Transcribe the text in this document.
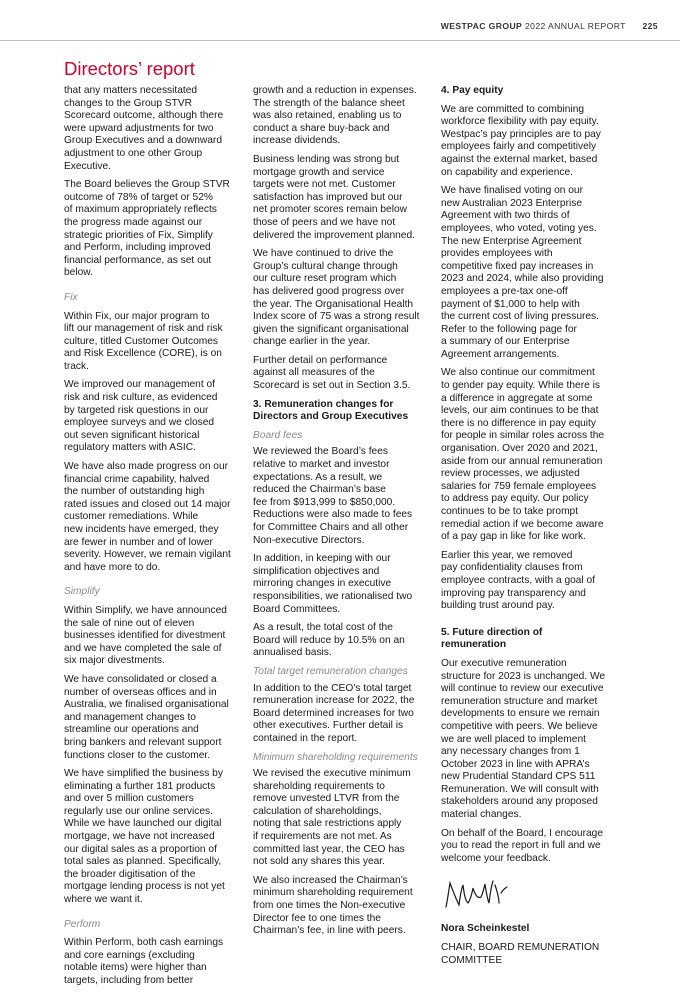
WESTPAC GROUP 2022 ANNUAL REPORT 225
Directors’ report

that any matters necessitated
changes to the Group STVR
Scorecard outcome, although there
were upward adjustments for two
Group Executives and a downward
adjustment to one other Group
Executive.

The Board believes the Group STVR
outcome of 78% of target or 52%
of maximum appropriately reflects
the progress made against our
strategic priorities of Fix, Simplify
and Perform, including improved
financial performance, as set out
below.

Fix

Within Fix, our major program to
lift our management of risk and risk
culture, titled Customer Outcomes
and Risk Excellence (CORE), is on
track.

We improved our management of
risk and risk culture, as evidenced
by targeted risk questions in our
employee surveys and we closed
out seven significant historical
regulatory matters with ASIC.

We have also made progress on our
financial crime capability, halved
the number of outstanding high
rated issues and closed out 14 major
customer remediations. While
new incidents have emerged, they
are fewer in number and of lower
severity. However, we remain vigilant
and have more to do.

Simplify

Within Simplify, we have announced
the sale of nine out of eleven
businesses identified for divestment
and we have completed the sale of
six major divestments.

We have consolidated or closed a
number of overseas offices and in
Australia, we finalised organisational
and management changes to
streamline our operations and
bring bankers and relevant support
functions closer to the customer.

We have simplified the business by
eliminating a further 181 products
and over 5 million customers
regularly use our online services.
While we have launched our digital
mortgage, we have not increased
our digital sales as a proportion of
total sales as planned. Specifically,
the broader digitisation of the
mortgage lending process is not yet
where we want it.

Perform

Within Perform, both cash earnings
and core earnings (excluding
notable items) were higher than
targets, including from better

growth and a reduction in expenses.
The strength of the balance sheet
was also retained, enabling us to
conduct a share buy-back and
increase dividends.

Business lending was strong but
mortgage growth and service
targets were not met. Customer
satisfaction has improved but our
net promoter scores remain below
those of peers and we have not
delivered the improvement planned.

We have continued to drive the
Group’s cultural change through
our culture reset program which
has delivered good progress over
the year. The Organisational Health
Index score of 75 was a strong result
given the significant organisational
change earlier in the year.

Further detail on performance
against all measures of the
Scorecard is set out in Section 3.5.

3. Remuneration changes for
Directors and Group Executives
Board fees

We reviewed the Board’s fees
relative to market and investor
expectations. As a result, we
reduced the Chairman’s base
fee from $913,999 to $850,000.
Reductions were also made to fees
for Committee Chairs and all other
Non-executive Directors.

In addition, in keeping with our
simplification objectives and
mirroring changes in executive
responsibilities, we rationalised two
Board Committees.

As a result, the total cost of the
Board will reduce by 10.5% on an
annualised basis.

Total target remuneration changes

In addition to the CEO’s total target
remuneration increase for 2022, the
Board determined increases for two
other executives. Further detail is
contained in the report.

Minimum shareholding requirements

We revised the executive minimum
shareholding requirements to
remove unvested LTVR from the
calculation of shareholdings,
noting that sale restrictions apply
if requirements are not met. As
committed last year, the CEO has
not sold any shares this year.

We also increased the Chairman’s
minimum shareholding requirement
from one times the Non-executive
Director fee to one times the
Chairman’s fee, in line with peers.

4. Pay equity

We are committed to combining
workforce flexibility with pay equity.
Westpac’s pay principles are to pay
employees fairly and competitively
against the external market, based
on capability and experience.

We have finalised voting on our
new Australian 2023 Enterprise
Agreement with two thirds of
employees, who voted, voting yes.
The new Enterprise Agreement
provides employees with
competitive fixed pay increases in
2023 and 2024, while also providing
employees a pre-tax one-off
payment of $1,000 to help with
the current cost of living pressures.
Refer to the following page for
a summary of our Enterprise
Agreement arrangements.

We also continue our commitment
to gender pay equity. While there is
a difference in aggregate at some
levels, our aim continues to be that
there is no difference in pay equity
for people in similar roles across the
organisation. Over 2020 and 2021,
aside from our annual remuneration
review processes, we adjusted
salaries for 759 female employees
to address pay equity. Our policy
continues to be to take prompt
remedial action if we become aware
of a pay gap in like for like work.

Earlier this year, we removed
pay confidentiality clauses from
employee contracts, with a goal of
improving pay transparency and
building trust around pay.

5. Future direction of
remuneration

Our executive remuneration
structure for 2023 is unchanged. We
will continue to review our executive
remuneration structure and market
developments to ensure we remain
competitive with peers. We believe
we are well placed to implement
any necessary changes from 1
October 2023 in line with APRA’s
new Prudential Standard CPS 511
Remuneration. We will consult with
stakeholders around any proposed
material changes.

On behalf of the Board, I encourage
you to read the report in full and we
welcome your feedback.

Nora Scheinkestel

CHAIR, BOARD REMUNERATION
COMMITTEE
